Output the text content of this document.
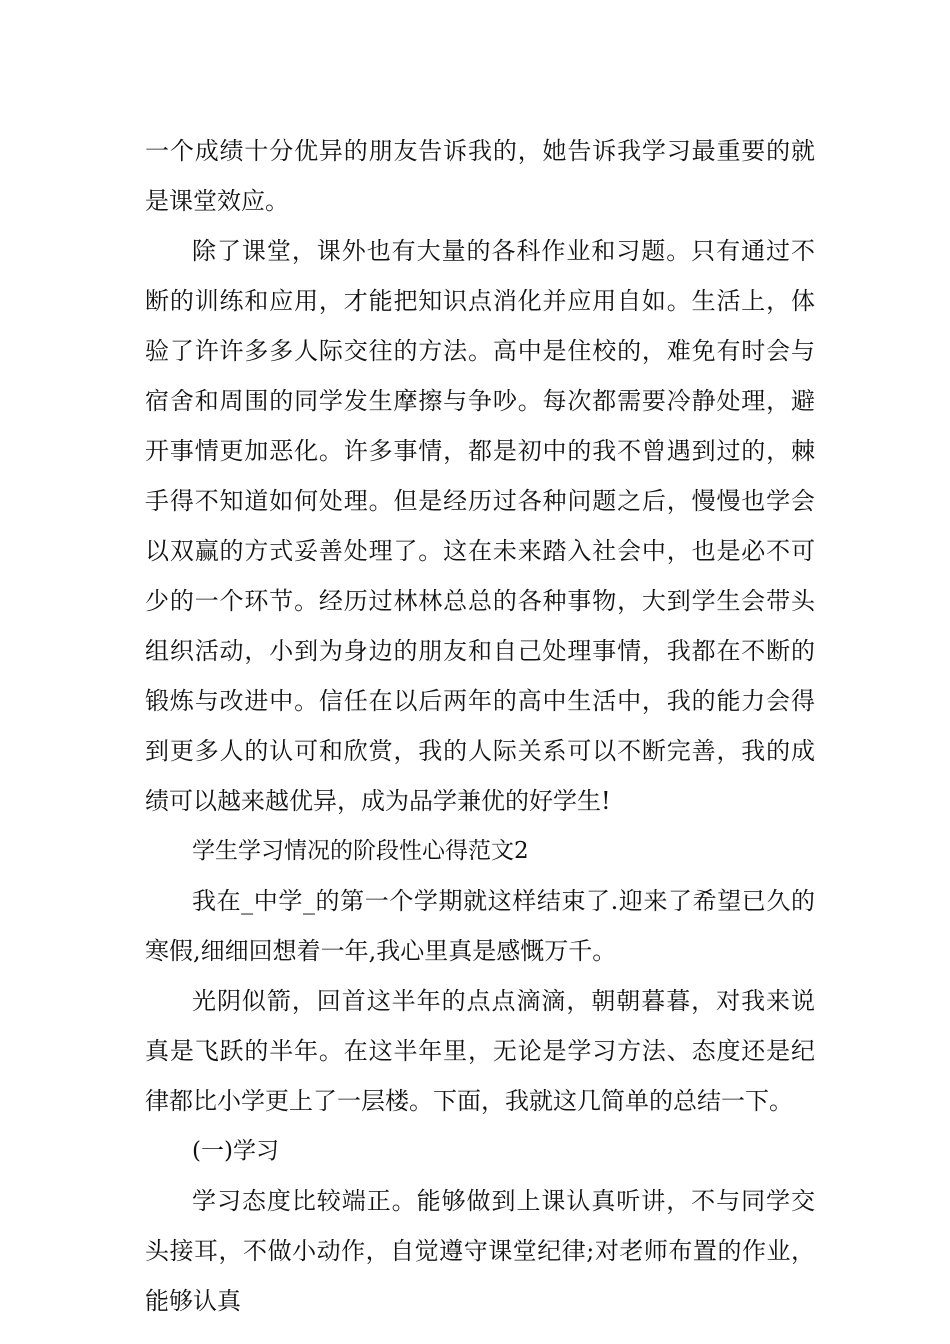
一个成绩十分优异的朋友告诉我的，她告诉我学习最重要的就是课堂效应。

除了课堂，课外也有大量的各科作业和习题。只有通过不断的训练和应用，才能把知识点消化并应用自如。生活上，体验了许许多多人际交往的方法。高中是住校的，难免有时会与宿舍和周围的同学发生摩擦与争吵。每次都需要冷静处理，避开事情更加恶化。许多事情，都是初中的我不曾遇到过的，棘手得不知道如何处理。但是经历过各种问题之后，慢慢也学会以双赢的方式妥善处理了。这在未来踏入社会中，也是必不可少的一个环节。经历过林林总总的各种事物，大到学生会带头组织活动，小到为身边的朋友和自己处理事情，我都在不断的锻炼与改进中。信任在以后两年的高中生活中，我的能力会得到更多人的认可和欣赏，我的人际关系可以不断完善，我的成绩可以越来越优异，成为品学兼优的好学生!

学生学习情况的阶段性心得范文2

我在_中学_的第一个学期就这样结束了.迎来了希望已久的寒假,细细回想着一年,我心里真是感慨万千。

光阴似箭，回首这半年的点点滴滴，朝朝暮暮，对我来说真是飞跃的半年。在这半年里，无论是学习方法、态度还是纪律都比小学更上了一层楼。下面，我就这几简单的总结一下。

(一)学习

学习态度比较端正。能够做到上课认真听讲，不与同学交头接耳，不做小动作，自觉遵守课堂纪律;对老师布置的作业，能够认真
